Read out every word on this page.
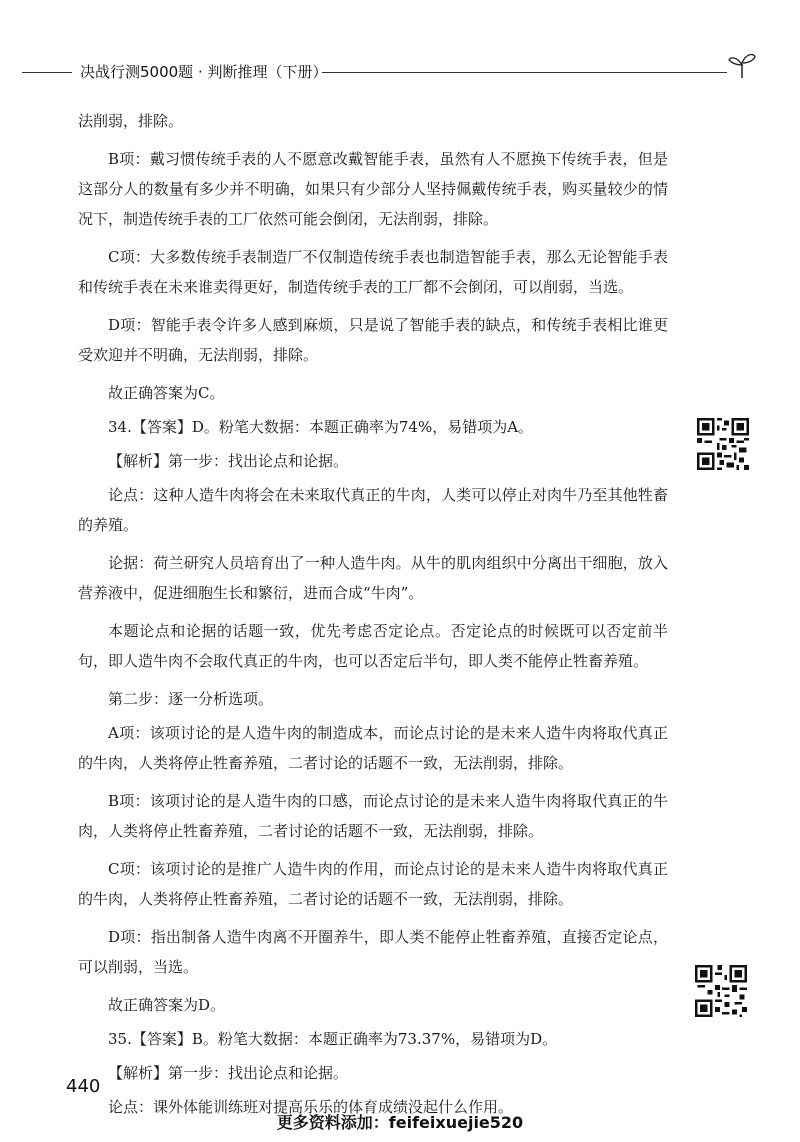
决战行测5000题 · 判断推理（下册）

法削弱，排除。

B项：戴习惯传统手表的人不愿意改戴智能手表，虽然有人不愿换下传统手表，但是这部分人的数量有多少并不明确，如果只有少部分人坚持佩戴传统手表，购买量较少的情况下，制造传统手表的工厂依然可能会倒闭，无法削弱，排除。

C项：大多数传统手表制造厂不仅制造传统手表也制造智能手表，那么无论智能手表和传统手表在未来谁卖得更好，制造传统手表的工厂都不会倒闭，可以削弱，当选。

D项：智能手表令许多人感到麻烦，只是说了智能手表的缺点，和传统手表相比谁更受欢迎并不明确，无法削弱，排除。

故正确答案为C。

34.【答案】D。粉笔大数据：本题正确率为74%，易错项为A。

【解析】第一步：找出论点和论据。

论点：这种人造牛肉将会在未来取代真正的牛肉，人类可以停止对肉牛乃至其他牲畜的养殖。

论据：荷兰研究人员培育出了一种人造牛肉。从牛的肌肉组织中分离出干细胞，放入营养液中，促进细胞生长和繁衍，进而合成“牛肉”。

本题论点和论据的话题一致，优先考虑否定论点。否定论点的时候既可以否定前半句，即人造牛肉不会取代真正的牛肉，也可以否定后半句，即人类不能停止牲畜养殖。

第二步：逐一分析选项。

A项：该项讨论的是人造牛肉的制造成本，而论点讨论的是未来人造牛肉将取代真正的牛肉，人类将停止牲畜养殖，二者讨论的话题不一致，无法削弱，排除。

B项：该项讨论的是人造牛肉的口感，而论点讨论的是未来人造牛肉将取代真正的牛肉，人类将停止牲畜养殖，二者讨论的话题不一致，无法削弱，排除。

C项：该项讨论的是推广人造牛肉的作用，而论点讨论的是未来人造牛肉将取代真正的牛肉，人类将停止牲畜养殖，二者讨论的话题不一致，无法削弱，排除。

D项：指出制备人造牛肉离不开圈养牛，即人类不能停止牲畜养殖，直接否定论点，可以削弱，当选。

故正确答案为D。

35.【答案】B。粉笔大数据：本题正确率为73.37%，易错项为D。

【解析】第一步：找出论点和论据。

论点：课外体能训练班对提高乐乐的体育成绩没起什么作用。

440
更多资料添加：feifeixuejie520
